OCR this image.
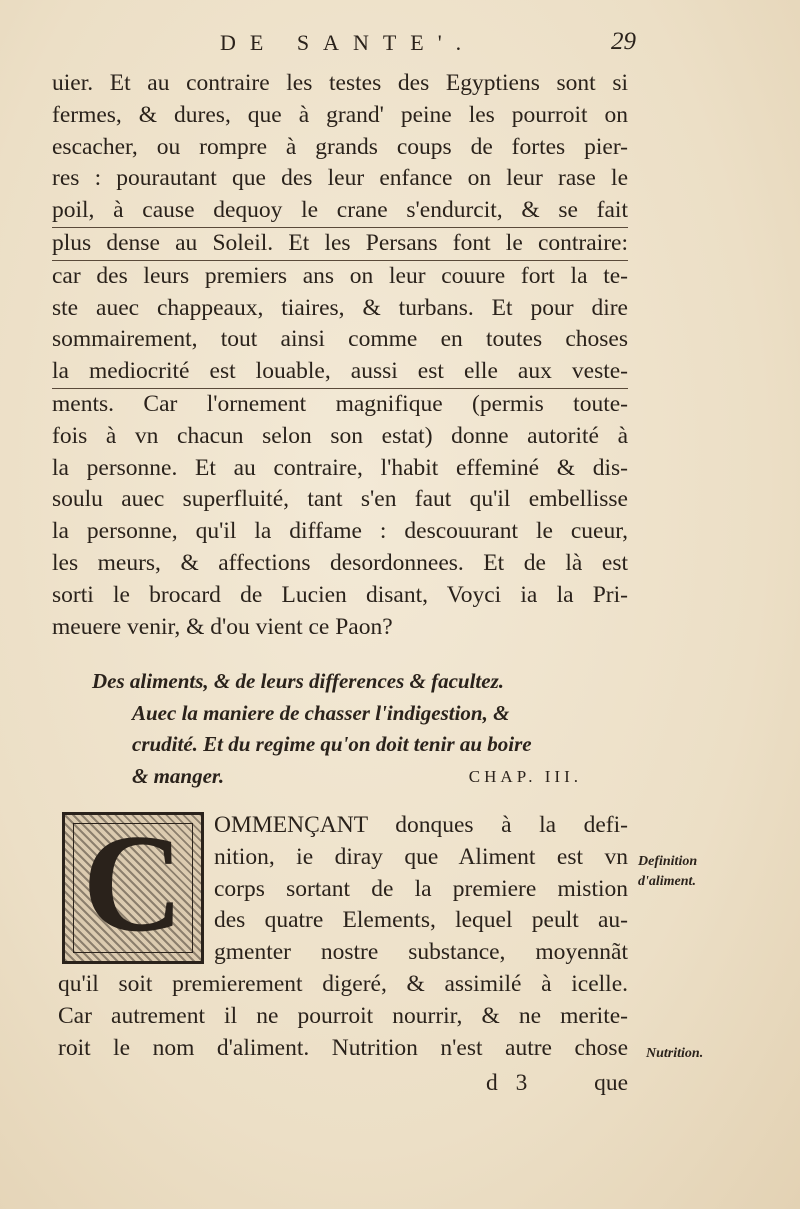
DE SANTE'.	29
uier. Et au contraire les testes des Egyptiens sont si
fermes, & dures, que à grand' peine les pourroit on
escacher, ou rompre à grands coups de fortes pier-
res : pourautant que des leur enfance on leur rase le
poil, à cause dequoy le crane s'endurcit, & se fait
plus dense au Soleil. Et les Persans font le contraire:
car des leurs premiers ans on leur couure fort la te-
ste auec chappeaux, tiaires, & turbans. Et pour dire
sommairement, tout ainsi comme en toutes choses
la mediocrité est louable, aussi est elle aux veste-
ments. Car l'ornement magnifique (permis toute-
fois à vn chacun selon son estat) donne autorité à
la personne. Et au contraire, l'habit effeminé & dis-
soulu auec superfluité, tant s'en faut qu'il embellisse
la personne, qu'il la diffame : descouurant le cueur,
les meurs, & affections desordonnees. Et de là est
sorti le brocard de Lucien disant, Voyci ia la Pri-
meuere venir, & d'ou vient ce Paon?
Des aliments, & de leurs differences & facultez.
Auec la maniere de chasser l'indigestion, &
crudité. Et du regime qu'on doit tenir au boire
& manger.	CHAP. III.
C	OMMENÇANT donques à la defi-
nition, ie diray que Aliment est vn
corps sortant de la premiere mistion
des quatre Elements, lequel peult au-
gmenter nostre substance, moyennãt
qu'il soit premierement digeré, & assimilé à icelle.
Car autrement il ne pourroit nourrir, & ne merite-
roit le nom d'aliment. Nutrition n'est autre chose
Definition d'aliment.
Nutrition.
d 3	que
